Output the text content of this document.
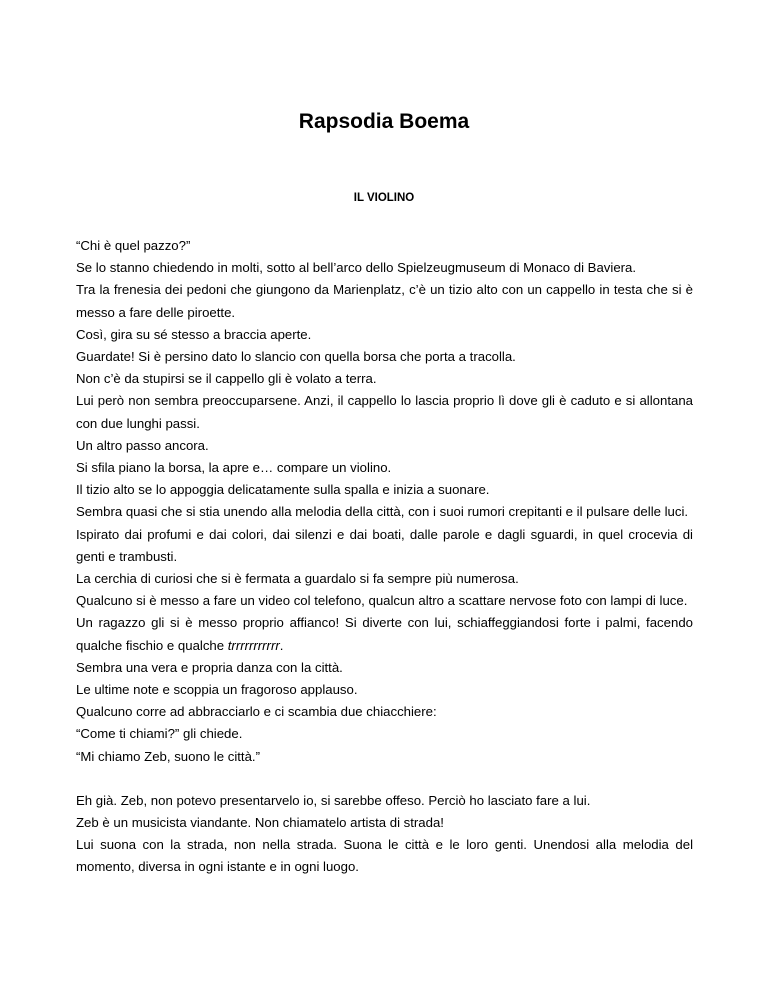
Rapsodia Boema
IL VIOLINO

“Chi è quel pazzo?”

Se lo stanno chiedendo in molti, sotto al bell’arco dello Spielzeugmuseum di Monaco di Baviera.

Tra la frenesia dei pedoni che giungono da Marienplatz, c’è un tizio alto con un cappello in testa che si è messo a fare delle piroette.

Così, gira su sé stesso a braccia aperte.

Guardate! Si è persino dato lo slancio con quella borsa che porta a tracolla.

Non c’è da stupirsi se il cappello gli è volato a terra.

Lui però non sembra preoccuparsene. Anzi, il cappello lo lascia proprio lì dove gli è caduto e si allontana con due lunghi passi.

Un altro passo ancora.

Si sfila piano la borsa, la apre e… compare un violino.

Il tizio alto se lo appoggia delicatamente sulla spalla e inizia a suonare.

Sembra quasi che si stia unendo alla melodia della città, con i suoi rumori crepitanti e il pulsare delle luci.

Ispirato dai profumi e dai colori, dai silenzi e dai boati, dalle parole e dagli sguardi, in quel crocevia di genti e trambusti.

La cerchia di curiosi che si è fermata a guardalo si fa sempre più numerosa.

Qualcuno si è messo a fare un video col telefono, qualcun altro a scattare nervose foto con lampi di luce.

Un ragazzo gli si è messo proprio affianco! Si diverte con lui, schiaffeggiandosi forte i palmi, facendo qualche fischio e qualche trrrrrrrrrrr.

Sembra una vera e propria danza con la città.

Le ultime note e scoppia un fragoroso applauso.

Qualcuno corre ad abbracciarlo e ci scambia due chiacchiere:

“Come ti chiami?” gli chiede.

“Mi chiamo Zeb, suono le città.”

Eh già. Zeb, non potevo presentarvelo io, si sarebbe offeso. Perciò ho lasciato fare a lui.

Zeb è un musicista viandante. Non chiamatelo artista di strada!

Lui suona con la strada, non nella strada. Suona le città e le loro genti. Unendosi alla melodia del momento, diversa in ogni istante e in ogni luogo.
